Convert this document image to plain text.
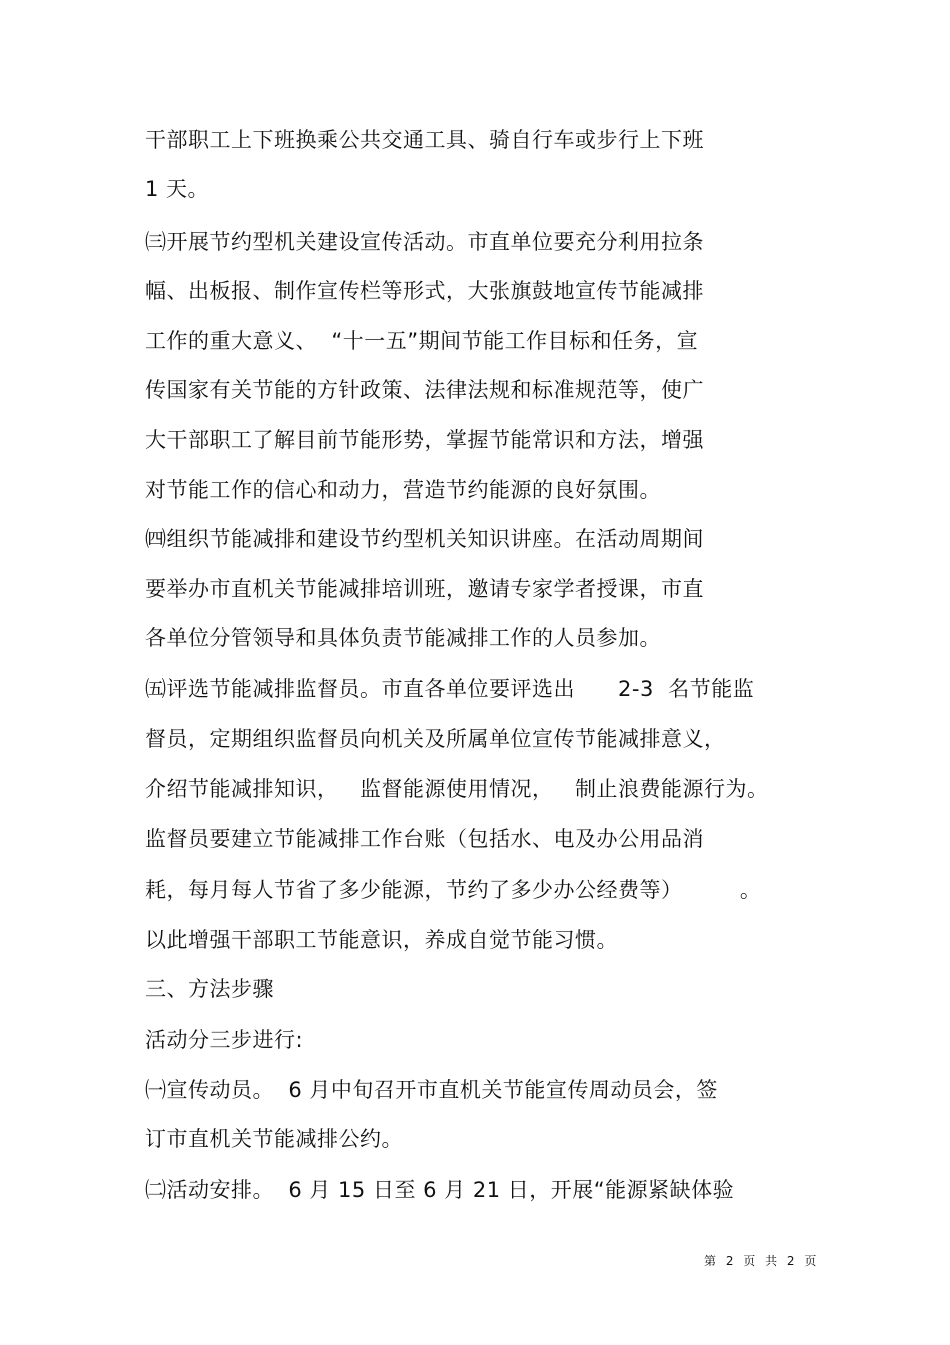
干部职工上下班换乘公共交通工具、骑自行车或步行上下班
1 天。
㈢开展节约型机关建设宣传活动。市直单位要充分利用拉条
幅、出板报、制作宣传栏等形式，大张旗鼓地宣传节能减排
工作的重大意义、  “十一五”期间节能工作目标和任务，宣
传国家有关节能的方针政策、法律法规和标准规范等，使广
大干部职工了解目前节能形势，掌握节能常识和方法，增强
对节能工作的信心和动力，营造节约能源的良好氛围。
㈣组织节能减排和建设节约型机关知识讲座。在活动周期间
要举办市直机关节能减排培训班，邀请专家学者授课，市直
各单位分管领导和具体负责节能减排工作的人员参加。
㈤评选节能减排监督员。市直各单位要评选出      2-3  名节能监
督员，定期组织监督员向机关及所属单位宣传节能减排意义，
介绍节能减排知识，   监督能源使用情况，   制止浪费能源行为。
监督员要建立节能减排工作台账（包括水、电及办公用品消
耗，每月每人节省了多少能源，节约了多少办公经费等）        。
以此增强干部职工节能意识，养成自觉节能习惯。
三、方法步骤
活动分三步进行:
㈠宣传动员。  6 月中旬召开市直机关节能宣传周动员会，签
订市直机关节能减排公约。
㈡活动安排。  6 月 15 日至 6 月 21 日，开展“能源紧缺体验
第 2 页 共 2 页
